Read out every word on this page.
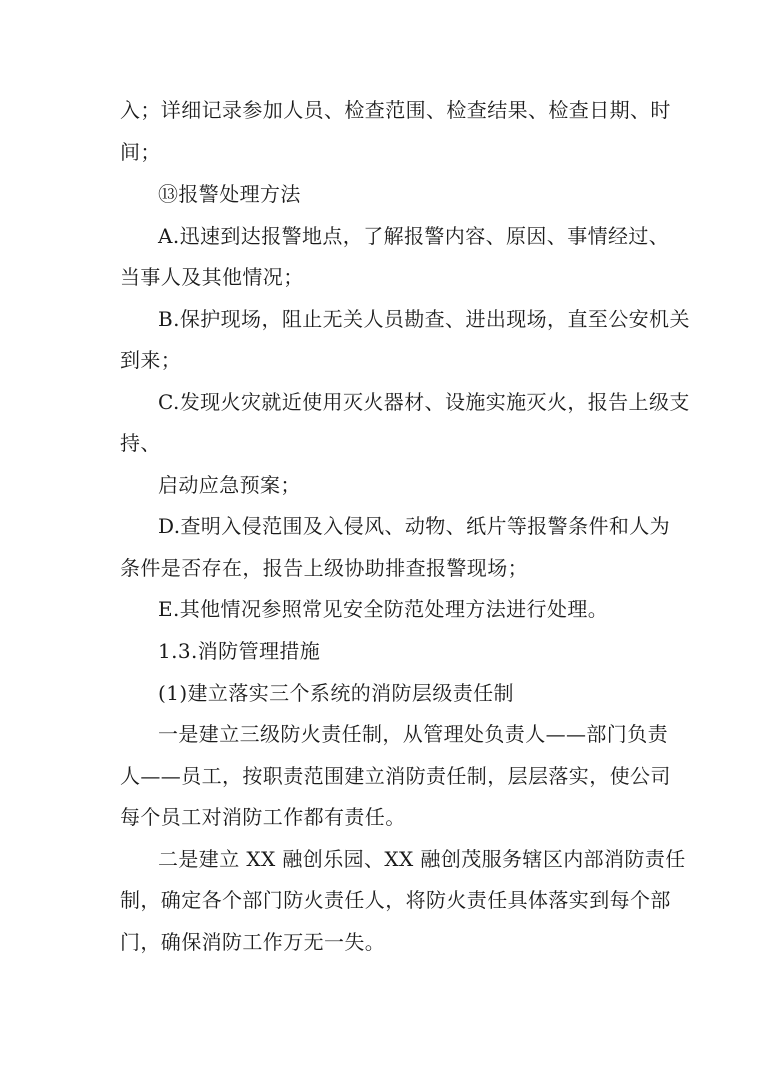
入；详细记录参加人员、检查范围、检查结果、检查日期、时
间；
⑬报警处理方法
A.迅速到达报警地点，了解报警内容、原因、事情经过、
当事人及其他情况；
B.保护现场，阻止无关人员勘查、进出现场，直至公安机关
到来；
C.发现火灾就近使用灭火器材、设施实施灭火，报告上级支
持、
启动应急预案；
D.查明入侵范围及入侵风、动物、纸片等报警条件和人为
条件是否存在，报告上级协助排查报警现场；
E.其他情况参照常见安全防范处理方法进行处理。
1.3.消防管理措施
(1)建立落实三个系统的消防层级责任制
一是建立三级防火责任制，从管理处负责人——部门负责
人——员工，按职责范围建立消防责任制，层层落实，使公司
每个员工对消防工作都有责任。
二是建立 XX 融创乐园、XX 融创茂服务辖区内部消防责任
制，确定各个部门防火责任人，将防火责任具体落实到每个部
门，确保消防工作万无一失。
